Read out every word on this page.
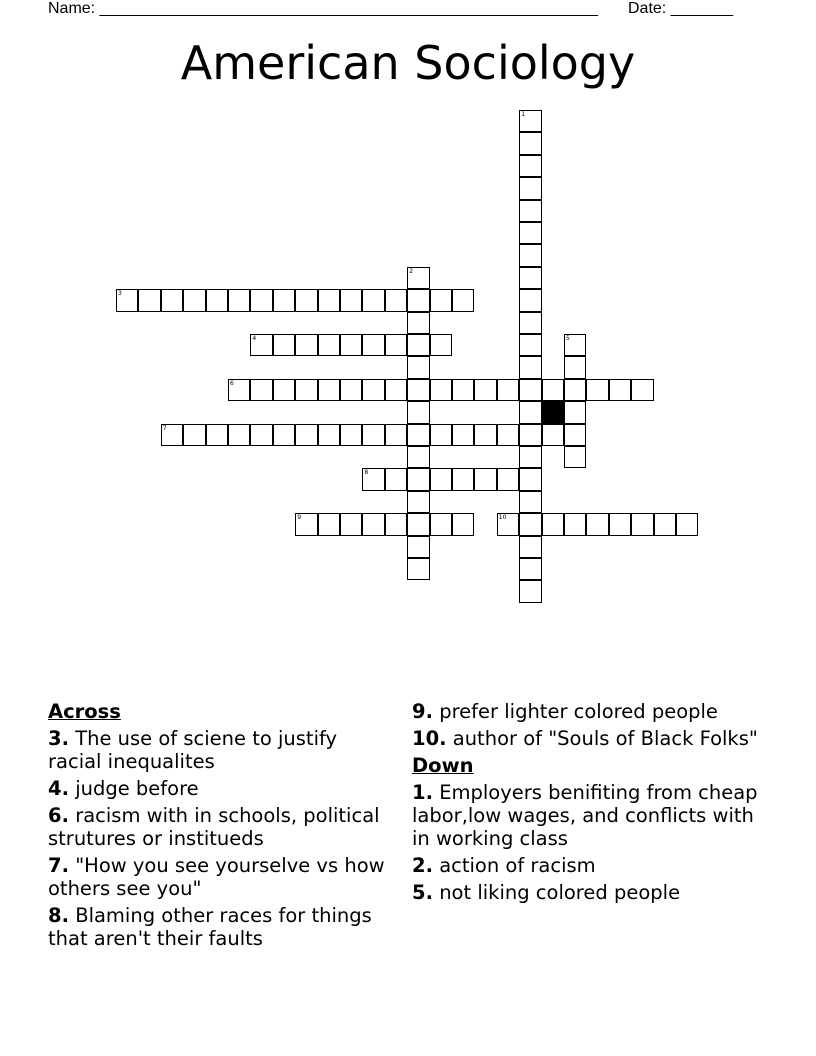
Name: ________________________________________________________ Date: _______
American Sociology
1
2
3
4	5
6
7
8
9	10
Across
3. The use of sciene to justify racial inequalites
4. judge before
6. racism with in schools, political strutures or institueds
7. "How you see yourselve vs how others see you"
8. Blaming other races for things that aren't their faults
9. prefer lighter colored people
10. author of "Souls of Black Folks"
Down
1. Employers benifiting from cheap labor,low wages, and conflicts with in working class
2. action of racism
5. not liking colored people
